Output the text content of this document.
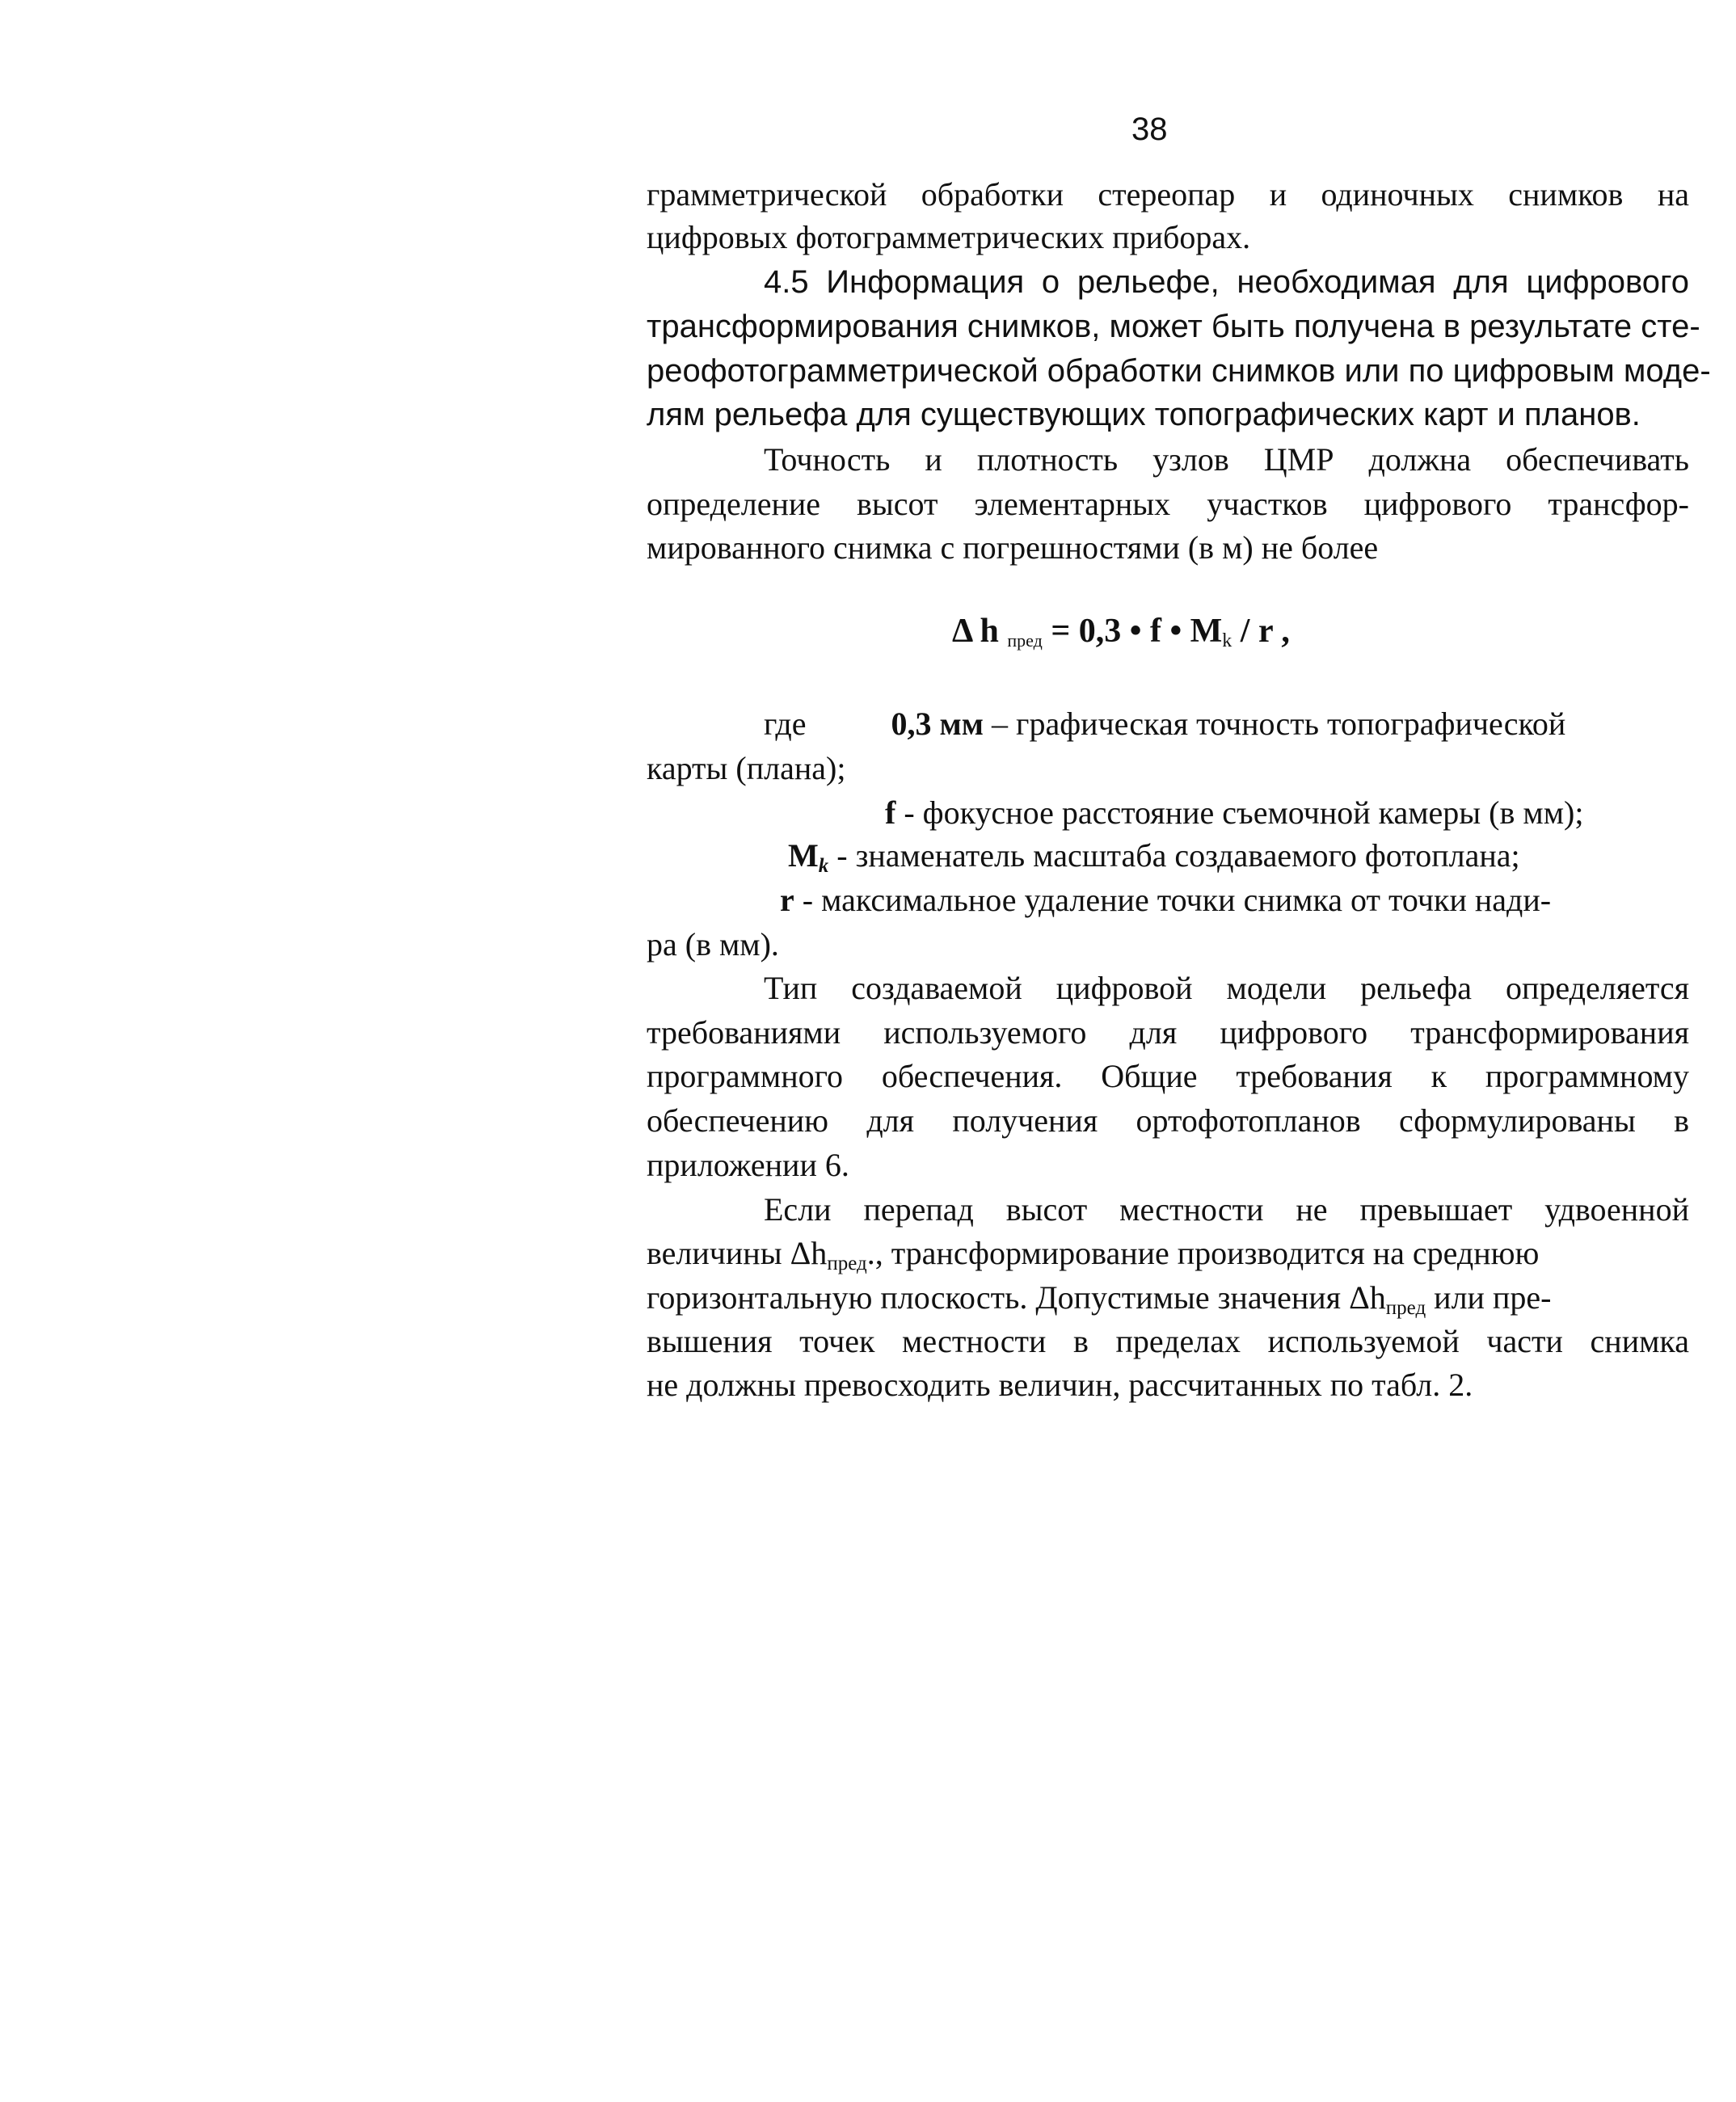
38
грамметрической обработки стереопар и одиночных снимков на
цифровых фотограмметрических приборах.
4.5 Информация о рельефе, необходимая для цифрового
трансформирования снимков, может быть получена в результате сте-
реофотограмметрической обработки снимков или по цифровым моде-
лям рельефа для существующих топографических карт и планов.
Точность и плотность узлов ЦМР должна обеспечивать
определение высот элементарных участков цифрового трансфор-
мированного снимка с погрешностями (в м) не более
Δ h $_{пред}$ = 0,3 • f • Mk / r ,
где	0,3 мм – графическая точность топографической
карты (плана);
f - фокусное расстояние съемочной камеры (в мм);
Mk - знаменатель масштаба создаваемого фотоплана;
r - максимальное удаление точки снимка от точки нади-
ра (в мм).
Тип создаваемой цифровой модели рельефа определяется
требованиями используемого для цифрового трансформирования
программного обеспечения. Общие требования к программному
обеспечению для получения ортофотопланов сформулированы в
приложении 6.
Если перепад высот местности не превышает удвоенной
величины Δhпред., трансформирование производится на среднюю
горизонтальную плоскость. Допустимые значения Δhпред или пре-
вышения точек местности в пределах используемой части снимка
не должны превосходить величин, рассчитанных по табл. 2.
